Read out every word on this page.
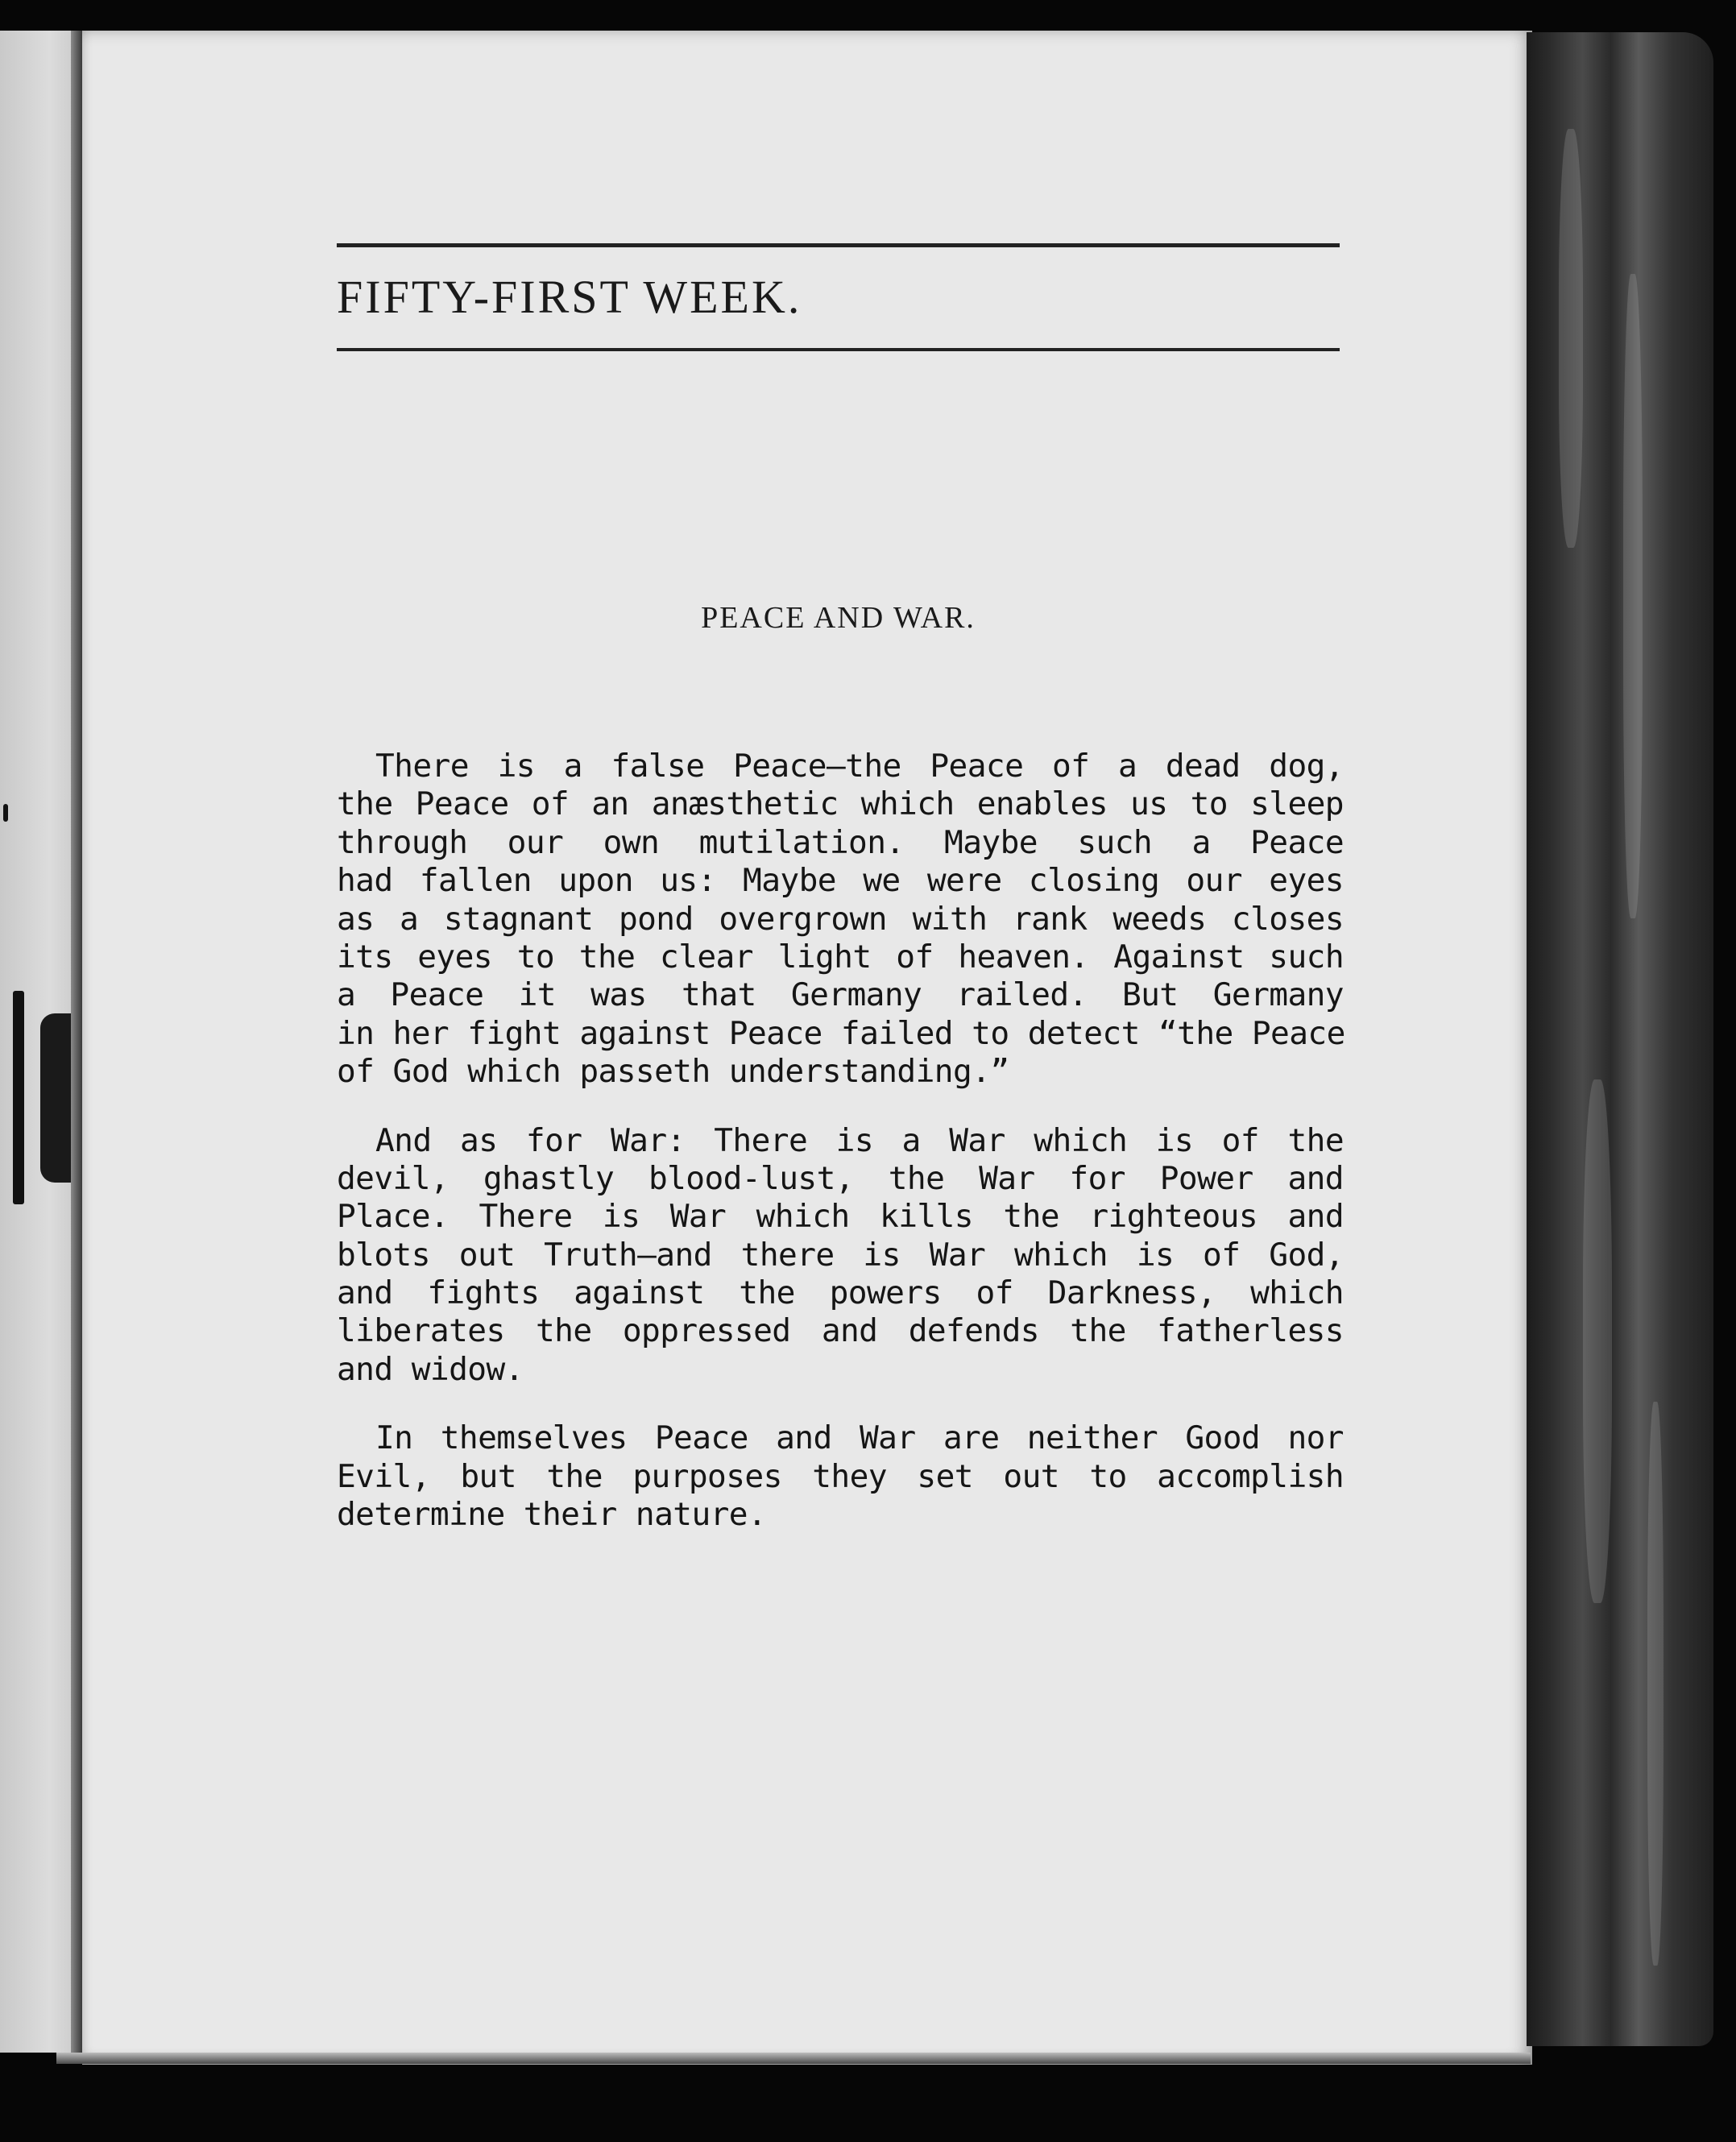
FIFTY-FIRST WEEK.
PEACE AND WAR.

There is a false Peace—the Peace of a dead dog,
the Peace of an anæsthetic which enables us to sleep
through our own mutilation. Maybe such a Peace
had fallen upon us: Maybe we were closing our eyes
as a stagnant pond overgrown with rank weeds closes
its eyes to the clear light of heaven. Against such
a Peace it was that Germany railed. But Germany
in her fight against Peace failed to detect “the Peace
of God which passeth understanding.”

And as for War: There is a War which is of the
devil, ghastly blood-lust, the War for Power and
Place. There is War which kills the righteous and
blots out Truth—and there is War which is of God,
and fights against the powers of Darkness, which
liberates the oppressed and defends the fatherless
and widow.

In themselves Peace and War are neither Good nor
Evil, but the purposes they set out to accomplish
determine their nature.
